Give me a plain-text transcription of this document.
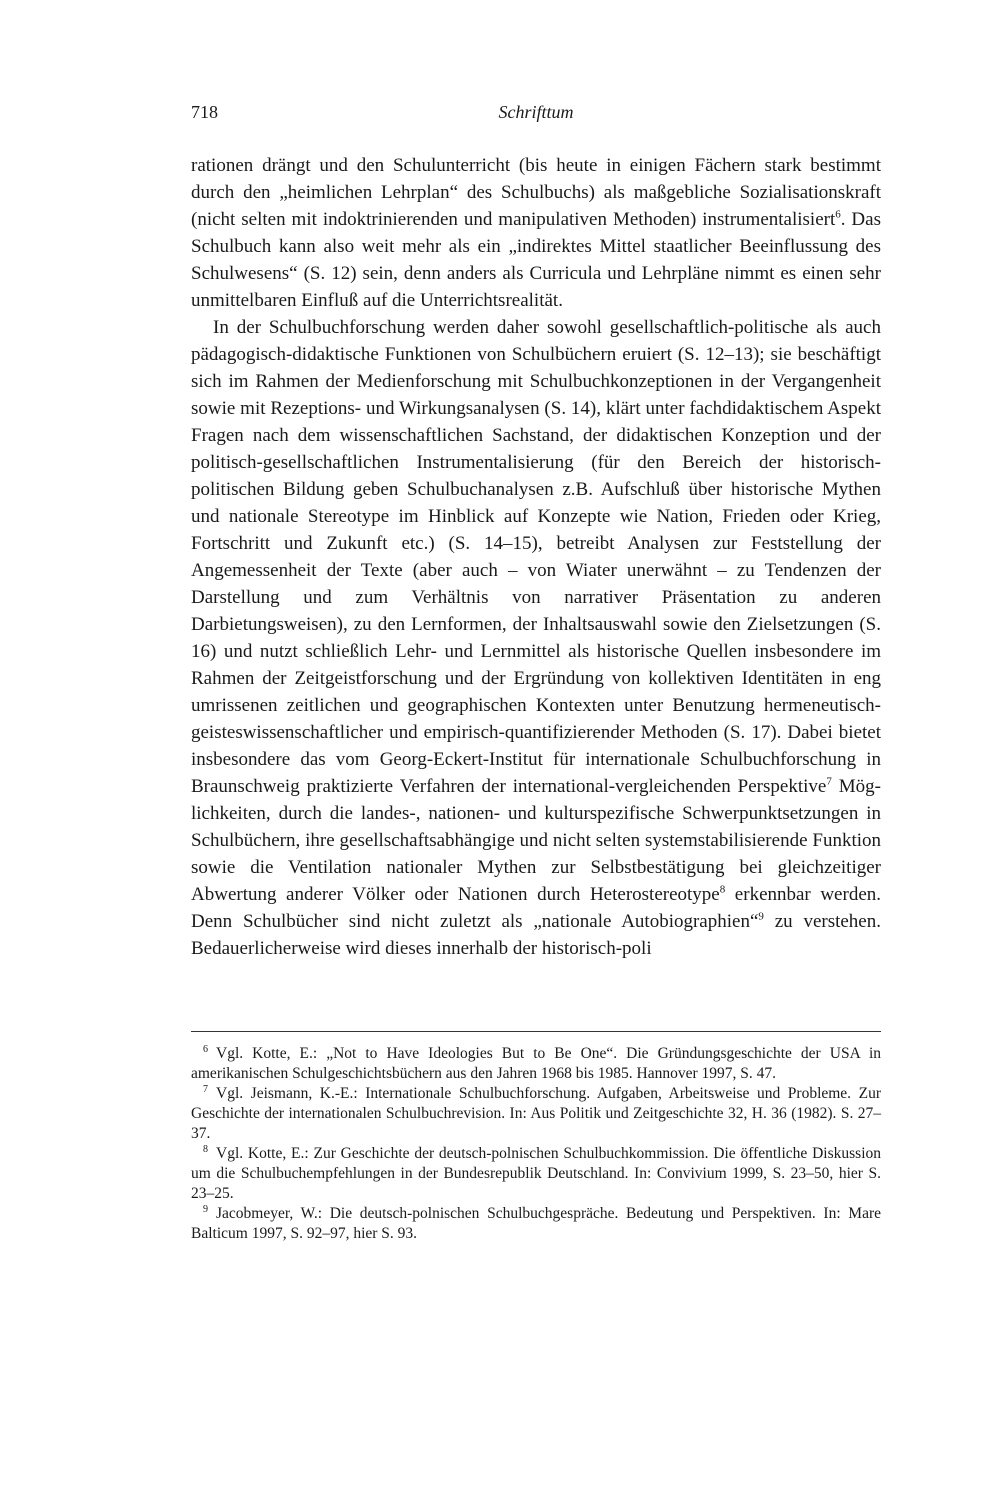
718	Schrifttum

rationen drängt und den Schulunterricht (bis heute in einigen Fächern stark bestimmt durch den „heimlichen Lehrplan“ des Schulbuchs) als maßgebliche Sozialisationskraft (nicht selten mit indoktrinierenden und manipulativen Methoden) instrumentalisiert$^6$. Das Schulbuch kann also weit mehr als ein „indirektes Mittel staatlicher Beeinflussung des Schulwesens“ (S. 12) sein, denn anders als Curricula und Lehrpläne nimmt es einen sehr unmittelbaren Einfluß auf die Unterrichtsrealität.

In der Schulbuchforschung werden daher sowohl gesellschaftlich-politische als auch pädagogisch-didaktische Funktionen von Schulbüchern eruiert (S. 12–13); sie beschäftigt sich im Rahmen der Medienforschung mit Schulbuchkonzeptionen in der Vergangenheit sowie mit Rezeptions- und Wirkungsanalysen (S. 14), klärt unter fachdidaktischem Aspekt Fragen nach dem wissenschaftlichen Sachstand, der didaktischen Konzeption und der politisch-gesellschaftlichen Instrumentalisierung (für den Bereich der historisch-politischen Bildung geben Schulbuchanalysen z.B. Aufschluß über historische Mythen und nationale Stereotype im Hinblick auf Konzepte wie Nation, Frieden oder Krieg, Fortschritt und Zukunft etc.) (S. 14–15), betreibt Analysen zur Feststellung der Angemessenheit der Texte (aber auch – von Wiater unerwähnt – zu Tendenzen der Darstellung und zum Verhältnis von narrativer Präsentation zu anderen Darbietungsweisen), zu den Lernformen, der Inhaltsauswahl sowie den Zielsetzungen (S. 16) und nutzt schließlich Lehr- und Lernmittel als historische Quellen insbesondere im Rahmen der Zeitgeistforschung und der Ergründung von kollektiven Identitäten in eng umrissenen zeitlichen und geographischen Kontexten unter Benutzung hermeneutisch-geisteswissenschaftlicher und empirisch-quantifizierender Methoden (S. 17). Dabei bietet insbesondere das vom Georg-Eckert-Institut für internationale Schulbuchforschung in Braunschweig praktizierte Verfahren der international-vergleichenden Perspektive$^7$ Möglichkeiten, durch die landes-, nationen- und kulturspezifische Schwerpunktsetzungen in Schulbüchern, ihre gesellschaftsabhängige und nicht selten systemstabilisierende Funktion sowie die Ventilation nationaler Mythen zur Selbstbestätigung bei gleichzeitiger Abwertung anderer Völker oder Nationen durch Heterostereotype$^8$ erkennbar werden. Denn Schulbücher sind nicht zuletzt als „nationale Autobiographien“$^9$ zu verstehen. Bedauerlicherweise wird dieses innerhalb der historisch-poli

$^6$ Vgl. Kotte, E.: „Not to Have Ideologies But to Be One“. Die Gründungsgeschichte der USA in amerikanischen Schulgeschichtsbüchern aus den Jahren 1968 bis 1985. Hannover 1997, S. 47.

$^7$ Vgl. Jeismann, K.-E.: Internationale Schulbuchforschung. Aufgaben, Arbeitsweise und Probleme. Zur Geschichte der internationalen Schulbuchrevision. In: Aus Politik und Zeitgeschichte 32, H. 36 (1982). S. 27–37.

$^8$ Vgl. Kotte, E.: Zur Geschichte der deutsch-polnischen Schulbuchkommission. Die öffentliche Diskussion um die Schulbuchempfehlungen in der Bundesrepublik Deutschland. In: Convivium 1999, S. 23–50, hier S. 23–25.

$^9$ Jacobmeyer, W.: Die deutsch-polnischen Schulbuchgespräche. Bedeutung und Perspektiven. In: Mare Balticum 1997, S. 92–97, hier S. 93.
